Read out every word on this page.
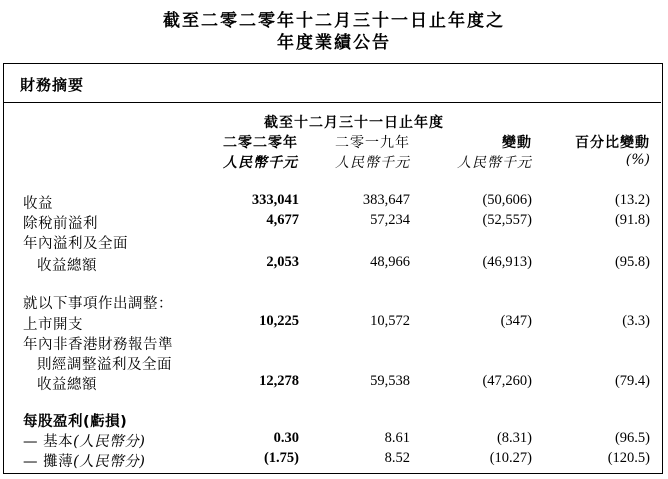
截至二零二零年十二月三十一日止年度之
年度業績公告
財務摘要
截至十二月三十一日止年度
二零二零年
人民幣千元
二零一九年
人民幣千元
變動
人民幣千元
百分比變動
(%)
收益	333,041	383,647	(50,606)	(13.2)
除稅前溢利	4,677	57,234	(52,557)	(91.8)
年內溢利及全面
收益總額	2,053	48,966	(46,913)	(95.8)
就以下事項作出調整：
上市開支	10,225	10,572	(347)	(3.3)
年內非香港財務報告準
則經調整溢利及全面
收益總額	12,278	59,538	(47,260)	(79.4)
每股盈利(虧損)
— 基本(人民幣分)	0.30	8.61	(8.31)	(96.5)
— 攤薄(人民幣分)	(1.75)	8.52	(10.27)	(120.5)
